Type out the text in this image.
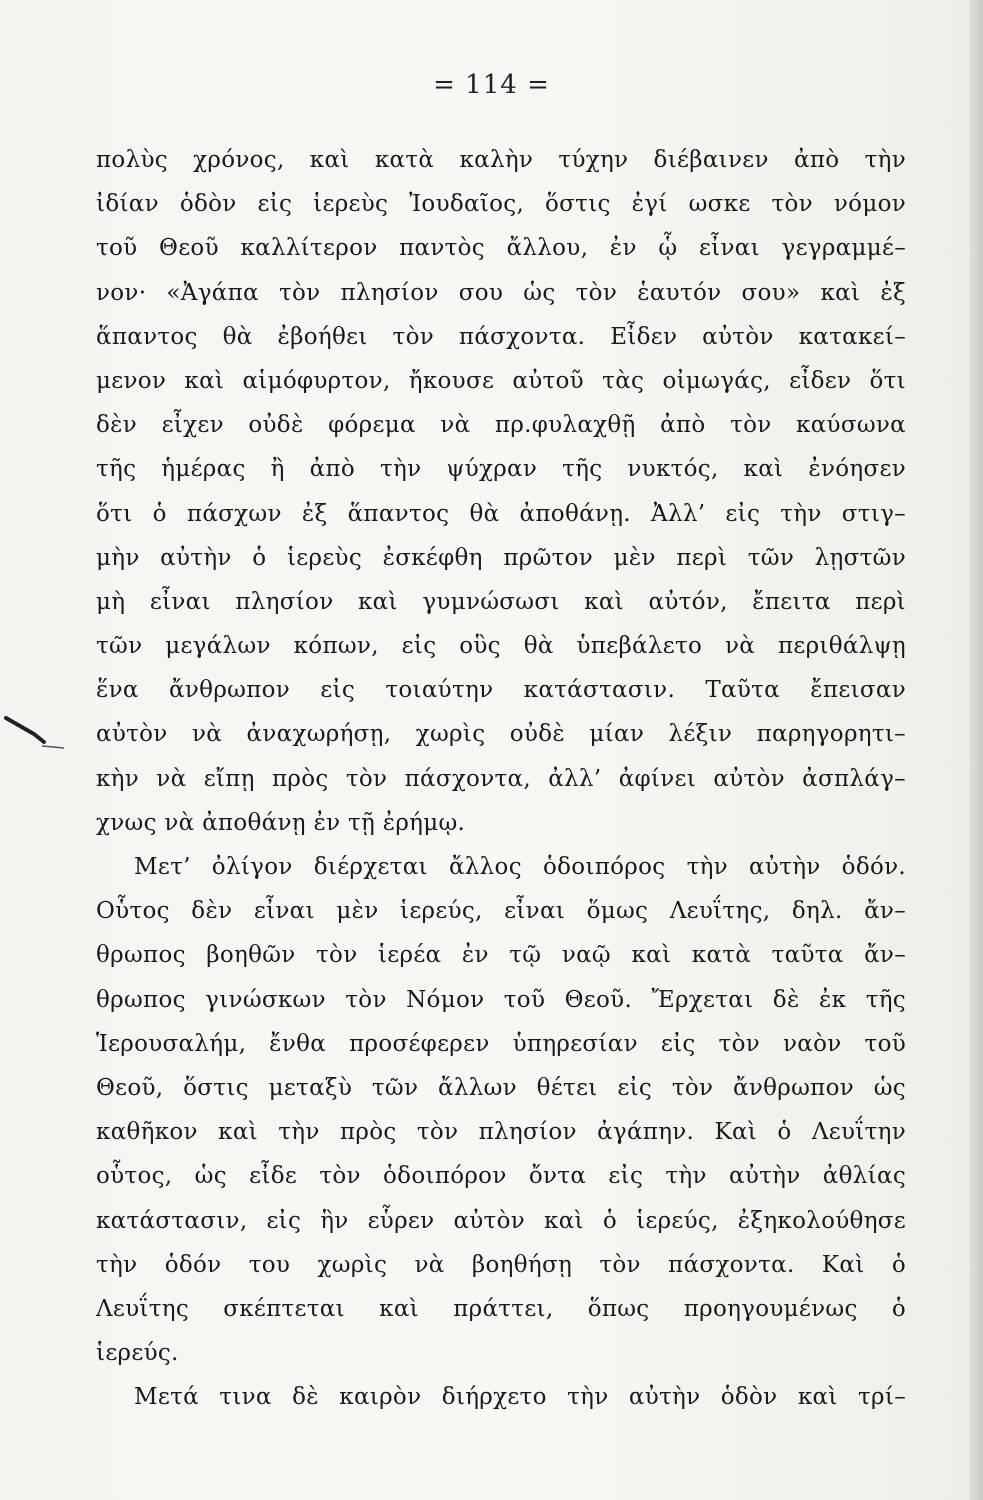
= 114 =
πολὺς χρόνος, καὶ κατὰ καλὴν τύχην διέβαινεν ἀπὸ τὴν
ἰδίαν ὁδὸν εἰς ἱερεὺς Ἰουδαῖος, ὅστις ἐγί ωσκε τὸν νόμον
τοῦ Θεοῦ καλλίτερον παντὸς ἄλλου, ἐν ᾧ εἶναι γεγραμμέ–
νον· «Ἀγάπα τὸν πλησίον σου ὡς τὸν ἑαυτόν σου» καὶ ἐξ
ἅπαντος θὰ ἐβοήθει τὸν πάσχοντα. Εἶδεν αὐτὸν κατακεί–
μενον καὶ αἱμόφυρτον, ἤκουσε αὐτοῦ τὰς οἰμωγάς, εἶδεν ὅτι
δὲν εἶχεν οὐδὲ φόρεμα νὰ πρ.φυλαχθῇ ἀπὸ τὸν καύσωνα
τῆς ἡμέρας ἢ ἀπὸ τὴν ψύχραν τῆς νυκτός, καὶ ἐνόησεν
ὅτι ὁ πάσχων ἐξ ἅπαντος θὰ ἀποθάνῃ. Ἀλλ’ εἰς τὴν στιγ–
μὴν αὐτὴν ὁ ἱερεὺς ἐσκέφθη πρῶτον μὲν περὶ τῶν λῃστῶν
μὴ εἶναι πλησίον καὶ γυμνώσωσι καὶ αὐτόν, ἔπειτα περὶ
τῶν μεγάλων κόπων, εἰς οὓς θὰ ὑπεβάλετο νὰ περιθάλψῃ
ἕνα ἄνθρωπον εἰς τοιαύτην κατάστασιν. Ταῦτα ἔπεισαν
αὐτὸν νὰ ἀναχωρήσῃ, χωρὶς οὐδὲ μίαν λέξιν παρηγορητι–
κὴν νὰ εἴπῃ πρὸς τὸν πάσχοντα, ἀλλ’ ἀφίνει αὐτὸν ἀσπλάγ–
χνως νὰ ἀποθάνῃ ἐν τῇ ἐρήμῳ.
Μετ’ ὀλίγον διέρχεται ἄλλος ὁδοιπόρος τὴν αὐτὴν ὁδόν.
Οὗτος δὲν εἶναι μὲν ἱερεύς, εἶναι ὅμως Λευΐτης, δηλ. ἄν–
θρωπος βοηθῶν τὸν ἱερέα ἐν τῷ ναῷ καὶ κατὰ ταῦτα ἄν–
θρωπος γινώσκων τὸν Νόμον τοῦ Θεοῦ. Ἔρχεται δὲ ἐκ τῆς
Ἱερουσαλήμ, ἔνθα προσέφερεν ὑπηρεσίαν εἰς τὸν ναὸν τοῦ
Θεοῦ, ὅστις μεταξὺ τῶν ἄλλων θέτει εἰς τὸν ἄνθρωπον ὡς
καθῆκον καὶ τὴν πρὸς τὸν πλησίον ἀγάπην. Καὶ ὁ Λευΐτην
οὗτος, ὡς εἶδε τὸν ὁδοιπόρον ὄντα εἰς τὴν αὐτὴν ἀθλίας
κατάστασιν, εἰς ἣν εὗρεν αὐτὸν καὶ ὁ ἱερεύς, ἐξηκολούθησε
τὴν ὁδόν του χωρὶς νὰ βοηθήσῃ τὸν πάσχοντα. Καὶ ὁ
Λευΐτης σκέπτεται καὶ πράττει, ὅπως προηγουμένως ὁ
ἱερεύς.
Μετά τινα δὲ καιρὸν διήρχετο τὴν αὐτὴν ὁδὸν καὶ τρί–
